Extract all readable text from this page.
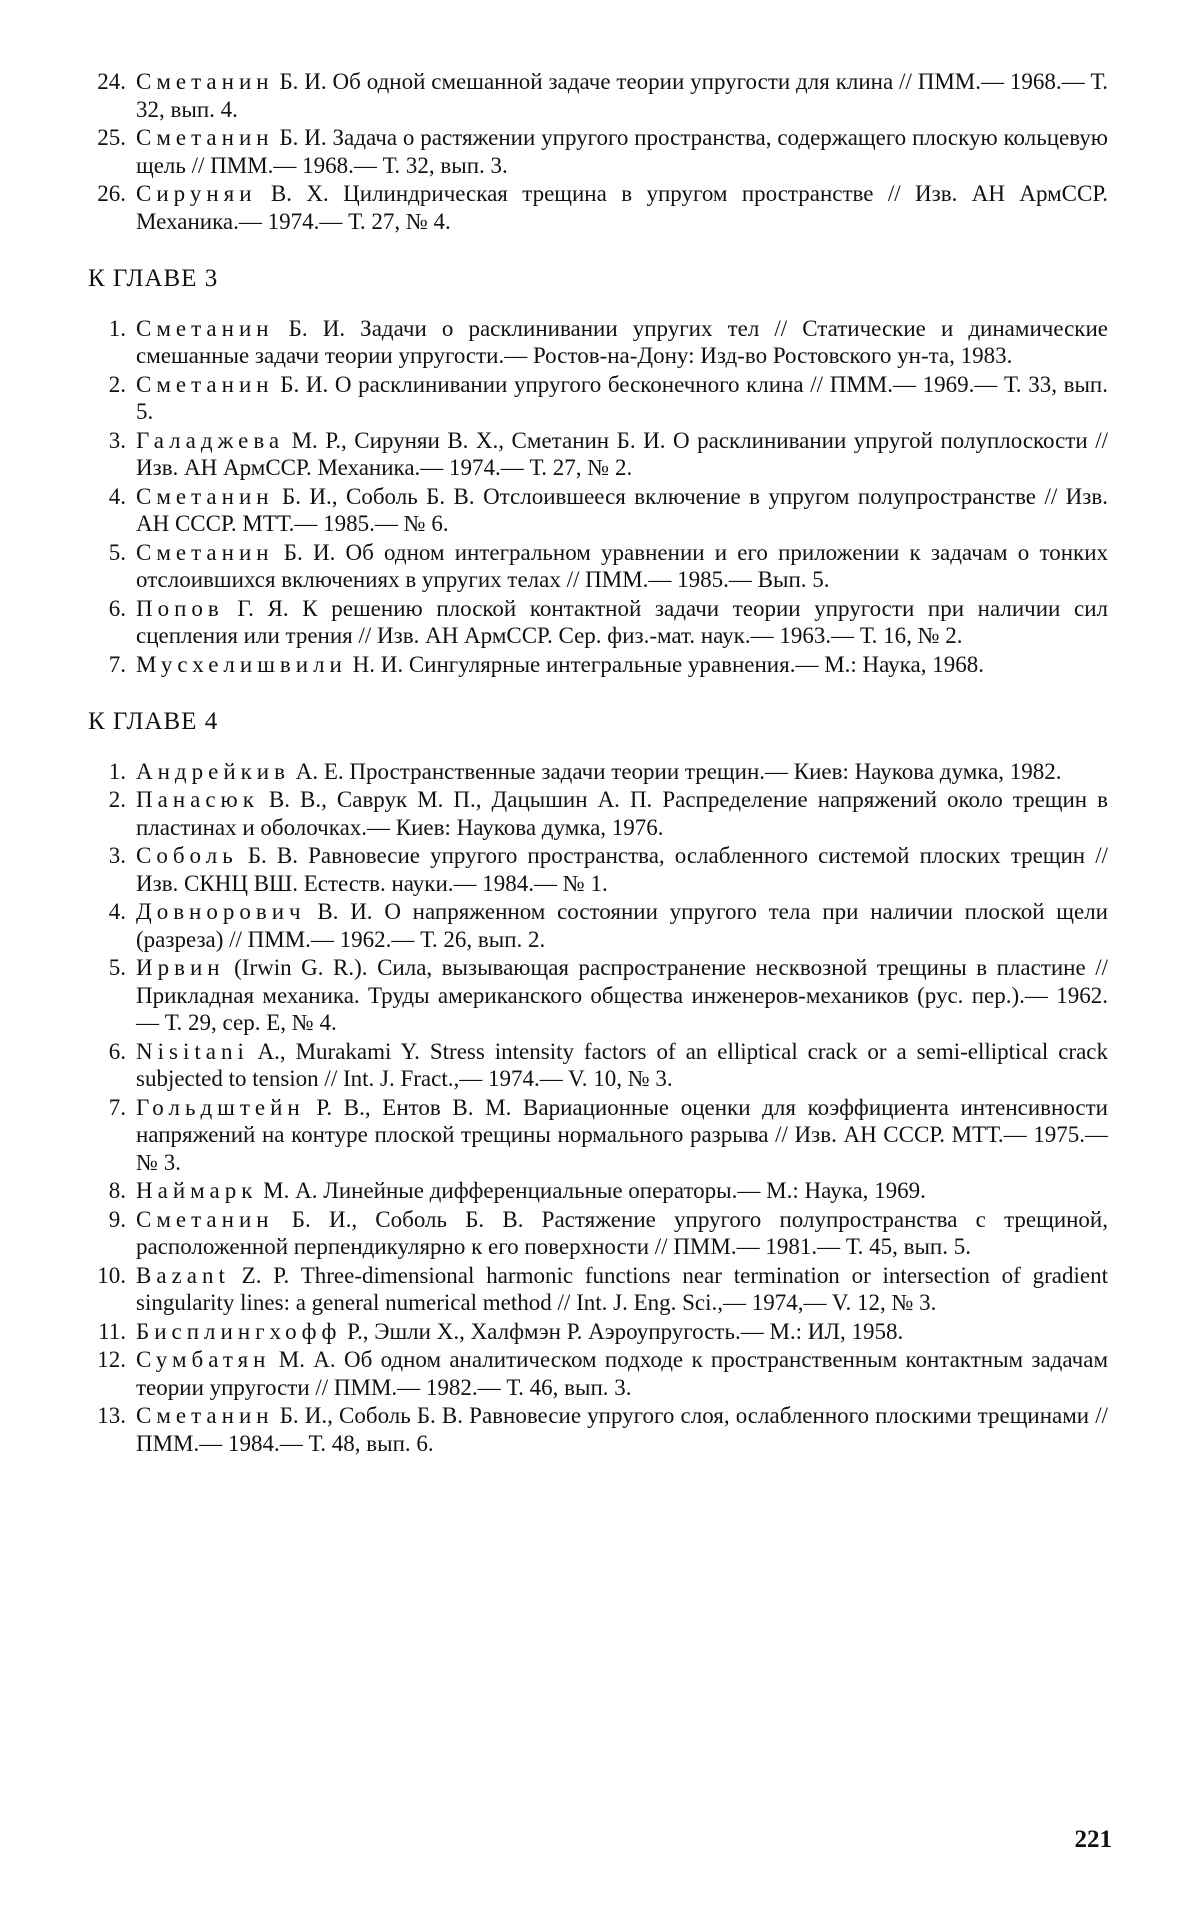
24. Сметанин Б. И. Об одной смешанной задаче теории упругости для клина // ПММ.— 1968.— Т. 32, вып. 4.
25. Сметанин Б. И. Задача о растяжении упругого пространства, содержащего плоскую кольцевую щель // ПММ.— 1968.— Т. 32, вып. 3.
26. Сируняи В. Х. Цилиндрическая трещина в упругом пространстве // Изв. АН АрмССР. Механика.— 1974.— Т. 27, № 4.
К ГЛАВЕ 3
1. Сметанин Б. И. Задачи о расклинивании упругих тел // Статические и динамические смешанные задачи теории упругости.— Ростов-на-Дону: Изд-во Ростовского ун-та, 1983.
2. Сметанин Б. И. О расклинивании упругого бесконечного клина // ПММ.— 1969.— Т. 33, вып. 5.
3. Галаджева М. Р., Сируняи В. Х., Сметанин Б. И. О расклинивании упругой полуплоскости // Изв. АН АрмССР. Механика.— 1974.— Т. 27, № 2.
4. Сметанин Б. И., Соболь Б. В. Отслоившееся включение в упругом полупространстве // Изв. АН СССР. МТТ.— 1985.— № 6.
5. Сметанин Б. И. Об одном интегральном уравнении и его приложении к задачам о тонких отслоившихся включениях в упругих телах // ПММ.— 1985.— Вып. 5.
6. Попов Г. Я. К решению плоской контактной задачи теории упругости при наличии сил сцепления или трения // Изв. АН АрмССР. Сер. физ.-мат. наук.— 1963.— Т. 16, № 2.
7. Мусхелишвили Н. И. Сингулярные интегральные уравнения.— М.: Наука, 1968.
К ГЛАВЕ 4
1. Андрейкив А. Е. Пространственные задачи теории трещин.— Киев: Наукова думка, 1982.
2. Панасюк В. В., Саврук М. П., Дацышин А. П. Распределение напряжений около трещин в пластинах и оболочках.— Киев: Наукова думка, 1976.
3. Соболь Б. В. Равновесие упругого пространства, ослабленного системой плоских трещин // Изв. СКНЦ ВШ. Естеств. науки.— 1984.— № 1.
4. Довнорович В. И. О напряженном состоянии упругого тела при наличии плоской щели (разреза) // ПММ.— 1962.— Т. 26, вып. 2.
5. Ирвин (Irwin G. R.). Сила, вызывающая распространение несквозной трещины в пластине // Прикладная механика. Труды американского общества инженеров-механиков (рус. пер.).— 1962.— Т. 29, сер. Е, № 4.
6. Nisitani A., Murakami Y. Stress intensity factors of an elliptical crack or a semi-elliptical crack subjected to tension // Int. J. Fract.,— 1974.— V. 10, № 3.
7. Гольдштейн Р. В., Ентов В. М. Вариационные оценки для коэффициента интенсивности напряжений на контуре плоской трещины нормального разрыва // Изв. АН СССР. МТТ.— 1975.— № 3.
8. Наймарк М. А. Линейные дифференциальные операторы.— М.: Наука, 1969.
9. Сметанин Б. И., Соболь Б. В. Растяжение упругого полупространства с трещиной, расположенной перпендикулярно к его поверхности // ПММ.— 1981.— Т. 45, вып. 5.
10. Bazant Z. P. Three-dimensional harmonic functions near termination or intersection of gradient singularity lines: a general numerical method // Int. J. Eng. Sci.,— 1974,— V. 12, № 3.
11. Бисплингхофф Р., Эшли Х., Халфмэн Р. Аэроупругость.— М.: ИЛ, 1958.
12. Сумбатян М. А. Об одном аналитическом подходе к пространственным контактным задачам теории упругости // ПММ.— 1982.— Т. 46, вып. 3.
13. Сметанин Б. И., Соболь Б. В. Равновесие упругого слоя, ослабленного плоскими трещинами // ПММ.— 1984.— Т. 48, вып. 6.
221
